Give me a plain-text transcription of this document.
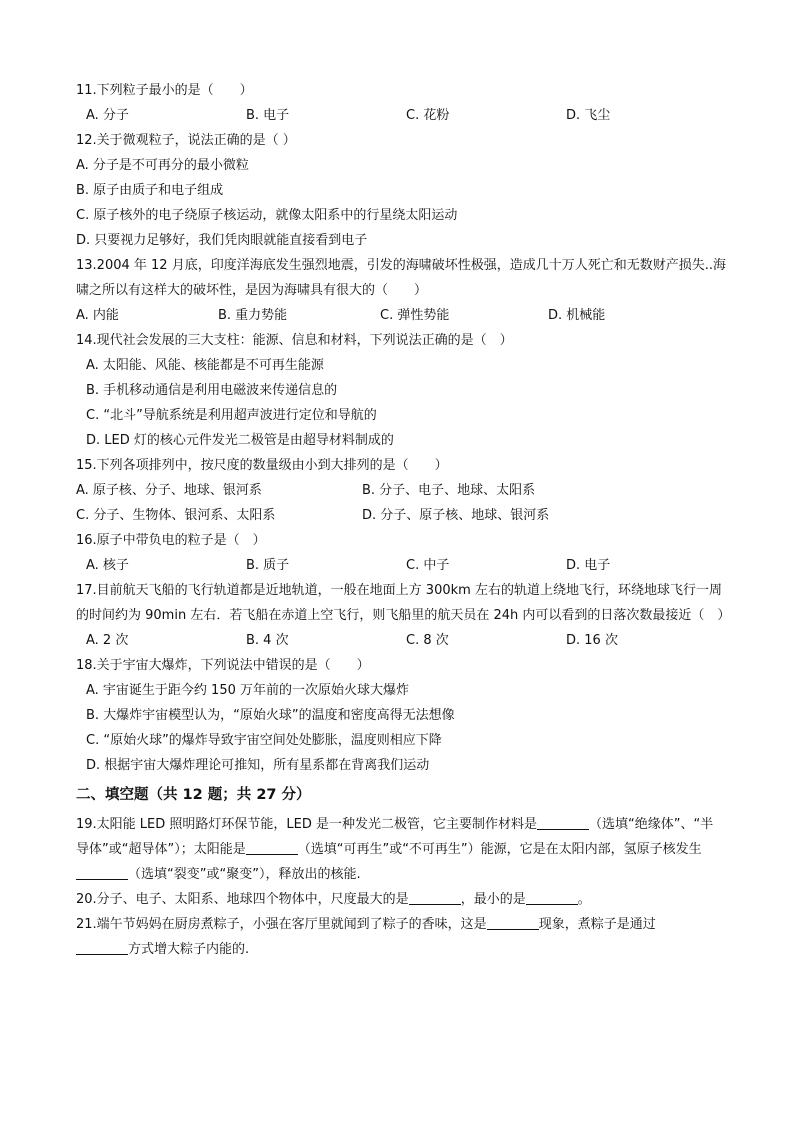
11.下列粒子最小的是（　　）
A. 分子	B. 电子	C. 花粉	D. 飞尘
12.关于微观粒子，说法正确的是（ ）
A. 分子是不可再分的最小微粒
B. 原子由质子和电子组成
C. 原子核外的电子绕原子核运动，就像太阳系中的行星绕太阳运动
D. 只要视力足够好，我们凭肉眼就能直接看到电子
13.2004 年 12 月底，印度洋海底发生强烈地震，引发的海啸破坏性极强，造成几十万人死亡和无数财产损失..海啸之所以有这样大的破坏性，是因为海啸具有很大的（　　）
A. 内能	B. 重力势能	C. 弹性势能	D. 机械能
14.现代社会发展的三大支柱：能源、信息和材料，下列说法正确的是（　）
A. 太阳能、风能、核能都是不可再生能源
B. 手机移动通信是利用电磁波来传递信息的
C. “北斗”导航系统是利用超声波进行定位和导航的
D. LED 灯的核心元件发光二极管是由超导材料制成的
15.下列各项排列中，按尺度的数量级由小到大排列的是（　　）
A. 原子核、分子、地球、银河系	B. 分子、电子、地球、太阳系
C. 分子、生物体、银河系、太阳系	D. 分子、原子核、地球、银河系
16.原子中带负电的粒子是（　）
A. 核子	B. 质子	C. 中子	D. 电子
17.目前航天飞船的飞行轨道都是近地轨道，一般在地面上方 300km 左右的轨道上绕地飞行，环绕地球飞行一周的时间约为 90min 左右．若飞船在赤道上空飞行，则飞船里的航天员在 24h 内可以看到的日落次数最接近（　）
A. 2 次	B. 4 次	C. 8 次	D. 16 次
18.关于宇宙大爆炸，下列说法中错误的是（　　）
A. 宇宙诞生于距今约 150 万年前的一次原始火球大爆炸
B. 大爆炸宇宙模型认为，“原始火球”的温度和密度高得无法想像
C. “原始火球”的爆炸导致宇宙空间处处膨胀，温度则相应下降
D. 根据宇宙大爆炸理论可推知，所有星系都在背离我们运动
二、填空题（共 12 题；共 27 分）
19.太阳能 LED 照明路灯环保节能，LED 是一种发光二极管，它主要制作材料是	（选填“绝缘体”、“半导体”或“超导体”）；太阳能是	（选填“可再生”或“不可再生”）能源，它是在太阳内部，氢原子核发生（选填“裂变”或“聚变”），释放出的核能.
20.分子、电子、太阳系、地球四个物体中，尺度最大的是	，最小的是	。
21.端午节妈妈在厨房煮粽子，小强在客厅里就闻到了粽子的香味，这是	现象，煮粽子是通过
方式增大粽子内能的.
